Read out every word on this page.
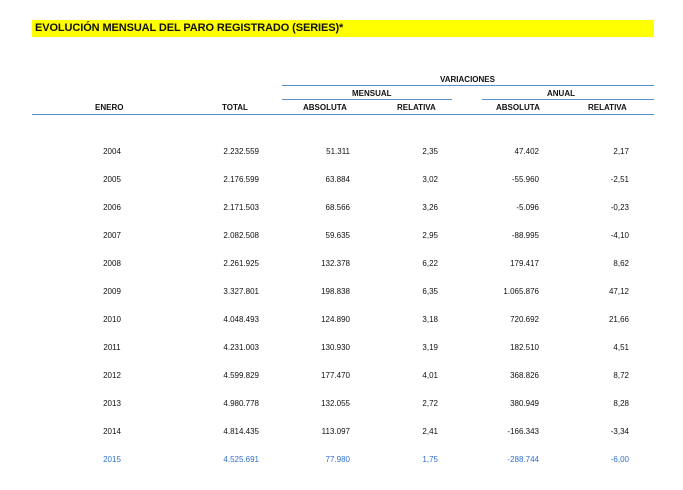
EVOLUCIÓN MENSUAL DEL PARO REGISTRADO (SERIES)*
VARIACIONES
MENSUAL	ANUAL
ENERO	TOTAL	ABSOLUTA	RELATIVA	ABSOLUTA	RELATIVA
2004	2.232.559	51.311	2,35	47.402	2,17
2005	2.176.599	63.884	3,02	-55.960	-2,51
2006	2.171.503	68.566	3,26	-5.096	-0,23
2007	2.082.508	59.635	2,95	-88.995	-4,10
2008	2.261.925	132.378	6,22	179.417	8,62
2009	3.327.801	198.838	6,35	1.065.876	47,12
2010	4.048.493	124.890	3,18	720.692	21,66
2011	4.231.003	130.930	3,19	182.510	4,51
2012	4.599.829	177.470	4,01	368.826	8,72
2013	4.980.778	132.055	2,72	380.949	8,28
2014	4.814.435	113.097	2,41	-166.343	-3,34
2015	4.525.691	77.980	1,75	-288.744	-6,00
